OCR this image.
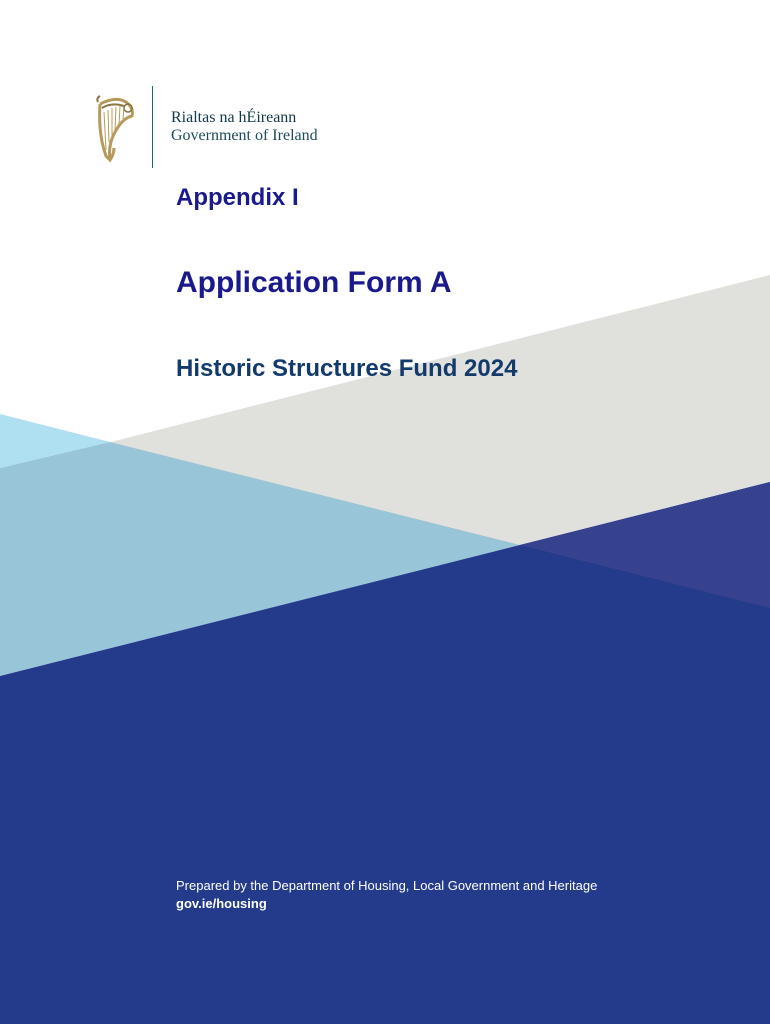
Rialtas na hÉireann
Government of Ireland
Appendix I
Application Form A
Historic Structures Fund 2024
Prepared by the Department of Housing, Local Government and Heritage
gov.ie/housing
